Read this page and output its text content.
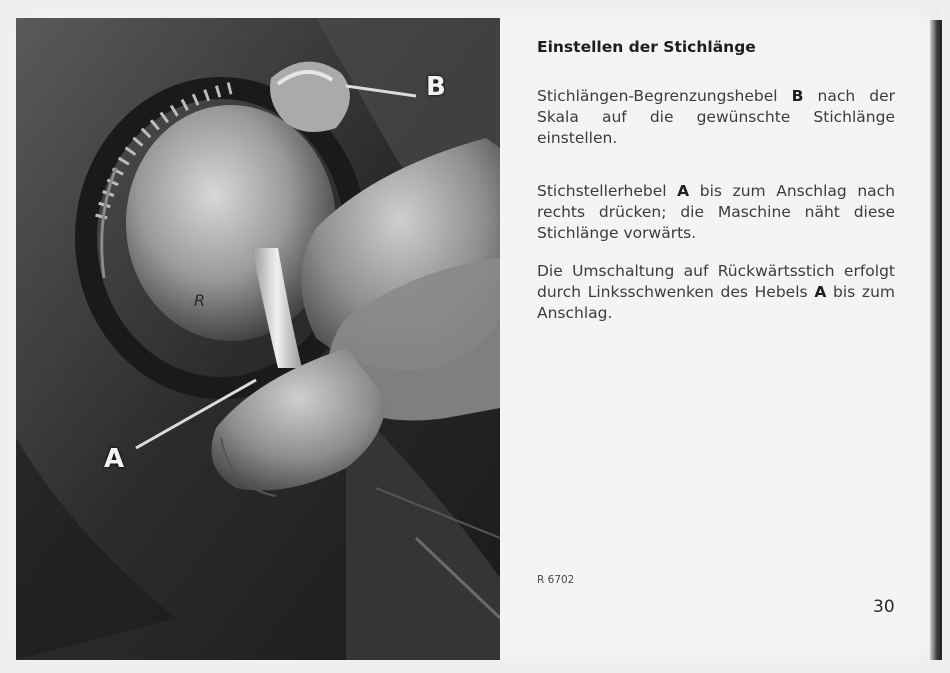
R
B
A
Einstellen der Stichlänge

Stichlängen-Begrenzungshebel B nach der Skala auf die gewünschte Stichlänge einstellen.

Stichstellerhebel A bis zum Anschlag nach rechts drücken; die Maschine näht diese Stichlänge vorwärts.

Die Umschaltung auf Rückwärtsstich erfolgt durch Linksschwenken des Hebels A bis zum Anschlag.

R 6702
30
